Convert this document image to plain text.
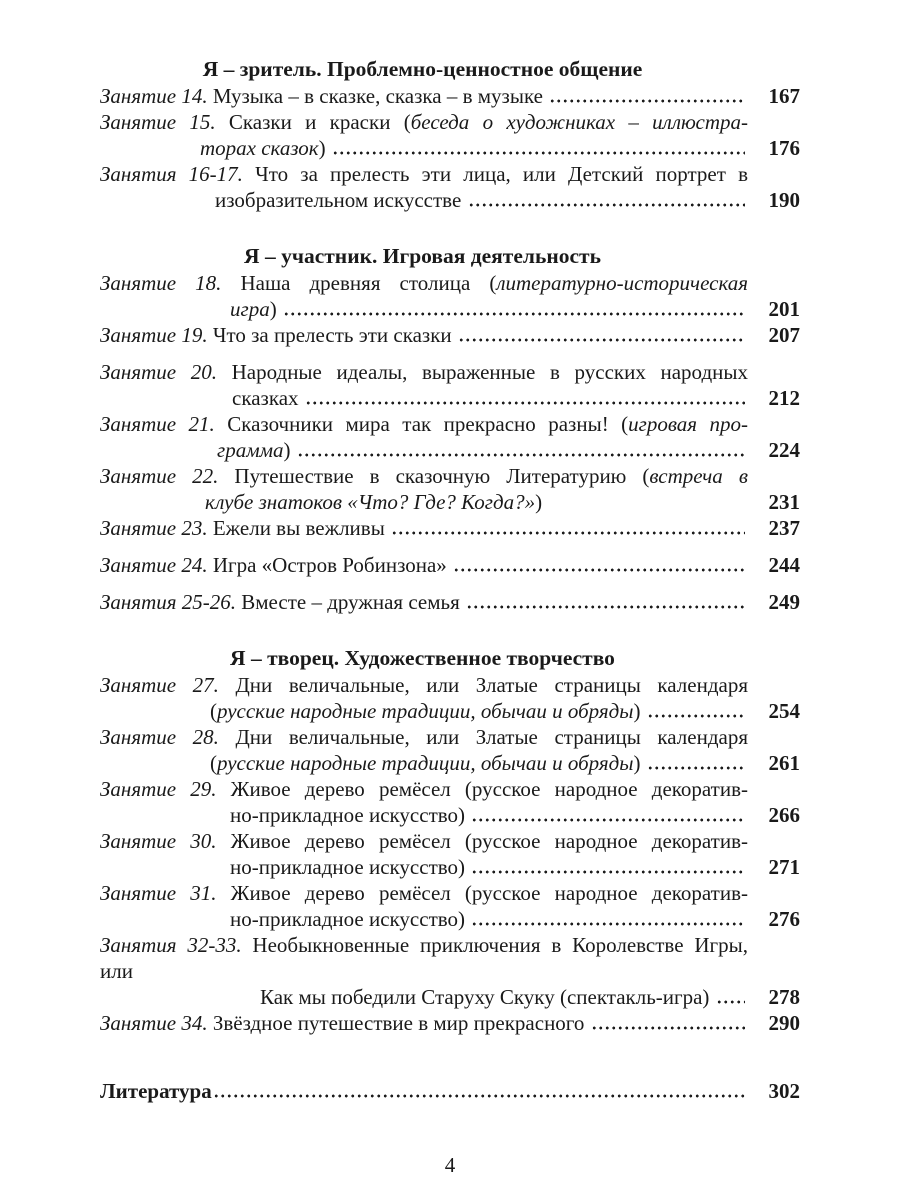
Я – зритель. Проблемно-ценностное общение
Занятие 14. Музыка – в сказке, сказка – в музыке	167
Занятие 15. Сказки и краски (беседа о художниках – иллюстра-
торах сказок)	176
Занятия 16-17. Что за прелесть эти лица, или Детский портрет в
изобразительном искусстве	190
Я – участник. Игровая деятельность
Занятие 18. Наша древняя столица (литературно-историческая
игра)	201
Занятие 19. Что за прелесть эти сказки	207
Занятие 20. Народные идеалы, выраженные в русских народных
сказках	212
Занятие 21. Сказочники мира так прекрасно разны! (игровая про-
грамма)	224
Занятие 22. Путешествие в сказочную Литературию (встреча в
клубе знатоков «Что? Где? Когда?»)	231
Занятие 23. Ежели вы вежливы	237
Занятие 24. Игра «Остров Робинзона»	244
Занятия 25-26. Вместе – дружная семья	249
Я – творец. Художественное творчество
Занятие 27. Дни величальные, или Златые страницы календаря
(русские народные традиции, обычаи и обряды)	254
Занятие 28. Дни величальные, или Златые страницы календаря
(русские народные традиции, обычаи и обряды)	261
Занятие 29. Живое дерево ремёсел (русское народное декоратив-
но-прикладное искусство)	266
Занятие 30. Живое дерево ремёсел (русское народное декоратив-
но-прикладное искусство)	271
Занятие 31. Живое дерево ремёсел (русское народное декоратив-
но-прикладное искусство)	276
Занятия 32-33. Необыкновенные приключения в Королевстве Игры, или
Как мы победили Старуху Скуку (спектакль-игра)	278
Занятие 34. Звёздное путешествие в мир прекрасного	290
Литература	302
4
